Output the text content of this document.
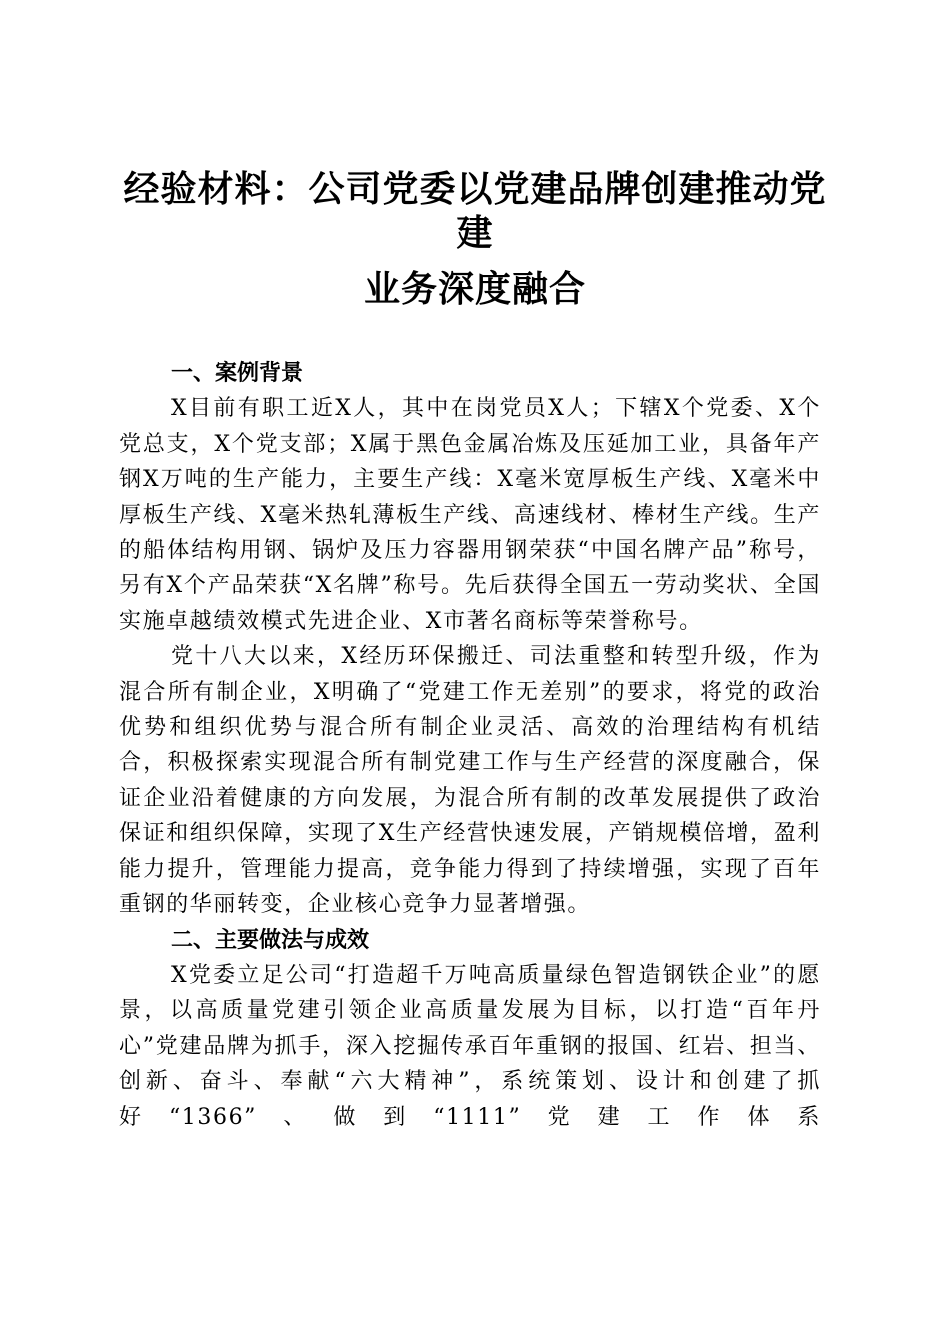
经验材料：公司党委以党建品牌创建推动党建
业务深度融合
一、案例背景

X目前有职工近X人，其中在岗党员X人；下辖X个党委、X个党总支，X个党支部；X属于黑色金属冶炼及压延加工业，具备年产钢X万吨的生产能力，主要生产线：X毫米宽厚板生产线、X毫米中厚板生产线、X毫米热轧薄板生产线、高速线材、棒材生产线。生产的船体结构用钢、锅炉及压力容器用钢荣获“中国名牌产品”称号，另有X个产品荣获“X名牌”称号。先后获得全国五一劳动奖状、全国实施卓越绩效模式先进企业、X市著名商标等荣誉称号。

党十八大以来，X经历环保搬迁、司法重整和转型升级，作为混合所有制企业，X明确了“党建工作无差别”的要求，将党的政治优势和组织优势与混合所有制企业灵活、高效的治理结构有机结合，积极探索实现混合所有制党建工作与生产经营的深度融合，保证企业沿着健康的方向发展，为混合所有制的改革发展提供了政治保证和组织保障，实现了X生产经营快速发展，产销规模倍增，盈利能力提升，管理能力提高，竞争能力得到了持续增强，实现了百年重钢的华丽转变，企业核心竞争力显著增强。

二、主要做法与成效

X党委立足公司“打造超千万吨高质量绿色智造钢铁企业”的愿景，以高质量党建引领企业高质量发展为目标，以打造“百年丹心”党建品牌为抓手，深入挖掘传承百年重钢的报国、红岩、担当、创新、奋斗、奉献“六大精神”，系统策划、设计和创建了抓好“1366”、做到“1111”党建工作体系
